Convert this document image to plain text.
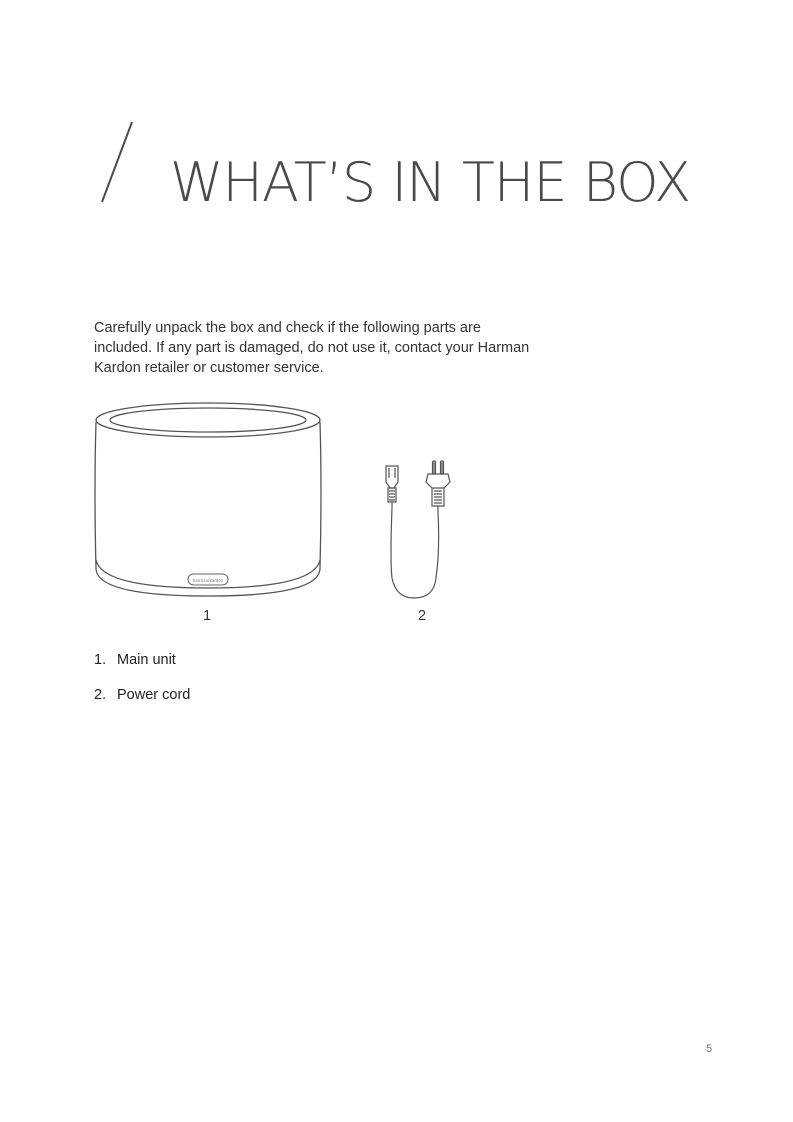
WHAT’S IN THE BOX

Carefully unpack the box and check if the following parts are included. If any part is damaged, do not use it, contact your Harman Kardon retailer or customer service.

harman/kardon
1	2
1. Main unit
2. Power cord
5
